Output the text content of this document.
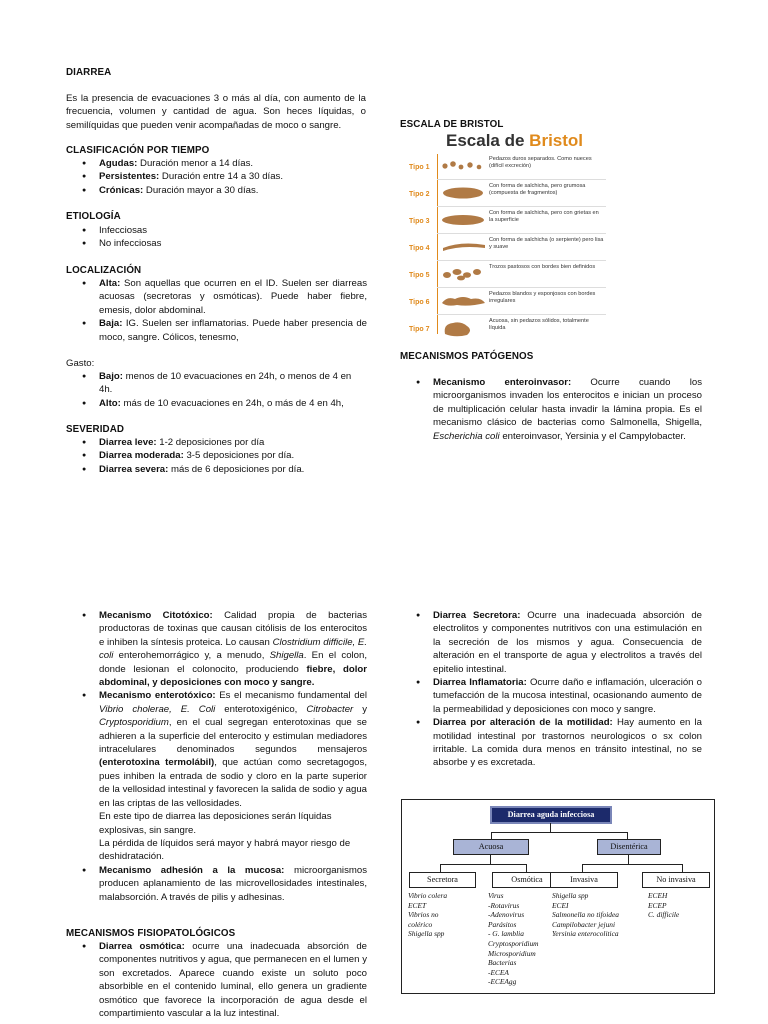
DIARREA
Es la presencia de evacuaciones 3 o más al día, con aumento de la frecuencia, volumen y cantidad de agua. Son heces líquidas, o semilíquidas que pueden venir acompañadas de moco o sangre.
CLASIFICACIÓN POR TIEMPO
● Agudas: Duración menor a 14 días.
● Persistentes: Duración entre 14 a 30 días.
● Crónicas: Duración mayor a 30 días.
ETIOLOGÍA
● Infecciosas
● No infecciosas
LOCALIZACIÓN
● Alta: Son aquellas que ocurren en el ID. Suelen ser diarreas acuosas (secretoras y osmóticas). Puede haber fiebre, emesis, dolor abdominal.
● Baja: IG. Suelen ser inflamatorias. Puede haber presencia de moco, sangre. Cólicos, tenesmo,
Gasto:
● Bajo: menos de 10 evacuaciones en 24h, o menos de 4 en 4h.
● Alto: más de 10 evacuaciones en 24h, o más de 4 en 4h,
SEVERIDAD
● Diarrea leve: 1-2 deposiciones por día
● Diarrea moderada: 3-5 deposiciones por día.
● Diarrea severa: más de 6 deposiciones por día.
ESCALA DE BRISTOL
Escala de Bristol
Tipo 1
Pedazos duros separados. Como nueces (difícil excreción)
Tipo 2
Con forma de salchicha, pero grumosa (compuesta de fragmentos)
Tipo 3
Con forma de salchicha, pero con grietas en la superficie
Tipo 4
Con forma de salchicha (o serpiente) pero lisa y suave
Tipo 5
Trozos pastosos con bordes bien definidos
Tipo 6
Pedazos blandos y esponjosos con bordes irregulares
Tipo 7
Acuosa, sin pedazos sólidos, totalmente líquida
MECANISMOS PATÓGENOS
● Mecanismo enteroinvasor: Ocurre cuando los microorganismos invaden los enterocitos e inician un proceso de multiplicación celular hasta invadir la lámina propia. Es el mecanismo clásico de bacterias como Salmonella, Shigella, Escherichia coli enteroinvasor, Yersinia y el Campylobacter.
● Mecanismo Citotóxico: Calidad propia de bacterias productoras de toxinas que causan citólisis de los enterocitos e inhiben la síntesis proteica. Lo causan Clostridium difficile, E. coli enterohemorrágico y, a menudo, Shigella. En el colon, donde lesionan el colonocito, produciendo fiebre, dolor abdominal, y deposiciones con moco y sangre.
● Mecanismo enterotóxico: Es el mecanismo fundamental del Vibrio cholerae, E. Coli enterotoxigénico, Citrobacter y Cryptosporidium, en el cual segregan enterotoxinas que se adhieren a la superficie del enterocito y estimulan mediadores intracelulares denominados segundos mensajeros (enterotoxina termolábil), que actúan como secretagogos, pues inhiben la entrada de sodio y cloro en la parte superior de la vellosidad intestinal y favorecen la salida de sodio y agua en las criptas de las vellosidades.
En este tipo de diarrea las deposiciones serán líquidas explosivas, sin sangre.
La pérdida de líquidos será mayor y habrá mayor riesgo de deshidratación.
● Mecanismo adhesión a la mucosa: microorganismos producen aplanamiento de las microvellosidades intestinales, malabsorción. A través de pilis y adhesinas.
MECANISMOS FISIOPATOLÓGICOS
● Diarrea osmótica: ocurre una inadecuada absorción de componentes nutritivos y agua, que permanecen en el lumen y son excretados. Aparece cuando existe un soluto poco absorbible en el contenido luminal, ello genera un gradiente osmótico que favorece la incorporación de agua desde el compartimiento vascular a la luz intestinal.
● Diarrea Secretora: Ocurre una inadecuada absorción de electrolitos y componentes nutritivos con una estimulación en la secreción de los mismos y agua. Consecuencia de alteración en el transporte de agua y electrolitos a través del epitelio intestinal.
● Diarrea Inflamatoria: Ocurre daño e inflamación, ulceración o tumefacción de la mucosa intestinal, ocasionando aumento de la permeabilidad y deposiciones con moco y sangre.
● Diarrea por alteración de la motilidad: Hay aumento en la motilidad intestinal por trastornos neurologicos o sx colon irritable. La comida dura menos en tránsito intestinal, no se absorbe y es excretada.
Diarrea aguda infecciosa
Acuosa	Disentérica
Secretora	Osmótica	Invasiva	No invasiva
Vibrio colera
ECET
Vibrios no
colérico
Shigella spp
Virus
-Rotavirus
-Adenovirus
Parásitos
- G. lamblia
Cryptosporidium
Microsporidium
Bacterias
-ECEA
-ECEAgg
Shigella spp
ECEI
Salmonella no tifoidea
Campilobacter jejuni
Yersinia enterocolitica
ECEH
ECEP
C. difficile
